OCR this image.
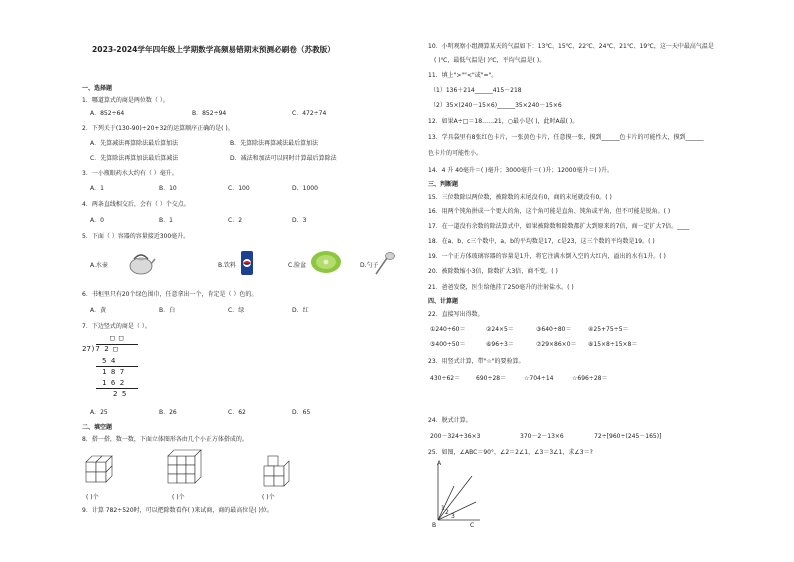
2023-2024学年四年级上学期数学高频易错期末预测必刷卷（苏教版）
一、选择题
1．哪道算式的商是两位数（ ）。
A．852÷64	B．852÷94	C．472÷74
2．下列关于(130-90)÷20+32的运算顺序正确的是( )。
A．先算减法再算除法最后算加法	B．先算除法再算减法最后算加法
C．先算除法再算加法最后算减法	D．减法和加法可以同时计算最后算除法
3．一小瓶眼药水大约有（ ）毫升。
A．1	B．10	C．100	D．1000
4．两条直线相交后，会有（ ）个交点。
A．0	B．1	C．2	D．3
5．下面（ ）容器的容量接近300毫升。
A.水壶	B.饮料	C.脸盆	D.勺子
6．书柜里只有20个绿色围巾，任意拿出一个，肯定是（ ）色的。
A．黄	B．白	C．绿	D．红
7．下边竖式的商是（ ）。
□ □
27)7 2 □
5 4
1 8 7
1 6 2
2 5
A．25	B．26	C．62	D．65
二、填空题
8．搭一搭，数一数，下面立体图形各由几个小正方体搭成的。
( )个	( )个	( )个
9．计算 782÷520时，可以把除数看作( )来试商，商的最高位是( )位。
10．小明观察小组测算某天的气温如下：13℃、15℃、22℃、24℃、21℃、19℃，这一天中最高气温是
( )℃，最低气温是( )℃，平均气温是( )。
11．填上">""<"或"="。
（1）136＋214______415－218
（2）35×(240－15×6)______35×240－15×6
12．如果A÷□＝18……21，○最小是( )，此时A最( )。
13．学具袋里有8张红色卡片，一张黄色卡片，任意摸一张，摸到______色卡片的可能性大，摸到______
色卡片的可能性小。
14．4 升 40毫升＝( )毫升；3000毫升＝( )升；12000毫升＝( )升。
三、判断题
15．三位数除以两位数，被除数的末尾没有0，商的末尾就没有0。( )
16．用两个钝角拼成一个更大的角，这个角可能是直角、钝角或平角，但不可能是锐角。( )
17．在一道没有余数的除法算式中，如果被除数和除数都扩大到原来的7倍，商一定扩大7倍。____
18．在a、b、c三个数中，a，b的平均数是17，c是23，这三个数的平均数是19。( )
19．一个正方体玻璃容器的容量是1升，将它注满水倒入空的大红内，溢出的水有1升。( )
20．被除数缩小3倍，除数扩大3倍，商不变。( )
21．爸爸发烧，医生给他挂了250毫升的注射盐水。( )
四、计算题
22．直接写出得数。
①240÷60＝	②24×5＝	③640÷80＝	④25+75÷5＝
⑤400÷50＝	⑥96÷3＝	⑦29×86×0＝ ⑧15×8÷15×8＝
23．用竖式计算，带"☆"的要验算。
430÷62＝	690÷28＝	☆704÷14	☆696÷28＝
24．脱式计算。
200－324÷36×3	370－2－13×6	72÷[960÷(245－165)]
25．如图，∠ABC＝90°，∠2＝2∠1，∠3＝3∠1，求∠3＝?
A
B	C
1
2
3
